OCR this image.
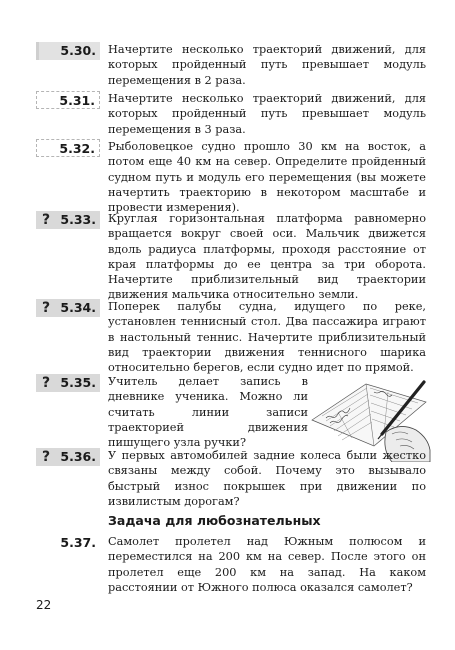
5.30. Начертите несколько траекторий движений, для которых пройденный путь превышает модуль перемещения в 2 раза.
5.31. Начертите несколько траекторий движений, для которых пройденный путь превышает модуль перемещения в 3 раза.
5.32. Рыболовецкое судно прошло 30 км на восток, а потом еще 40 км на север. Определите пройденный судном путь и модуль его перемещения (вы можете начертить траекторию в некотором масштабе и провести измерения).
? 5.33. Круглая горизонтальная платформа равномерно вращается вокруг своей оси. Мальчик движется вдоль радиуса платформы, проходя расстояние от края платформы до ее центра за три оборота. Начертите приблизительный вид траектории движения мальчика относительно земли.
? 5.34. Поперек палубы судна, идущего по реке, установлен теннисный стол. Два пассажира играют в настольный теннис. Начертите приблизительный вид траектории движения теннисного шарика относительно берегов, если судно идет по прямой.
? 5.35. Учитель делает запись в дневнике ученика. Можно ли считать линии записи траекторией движения пишущего узла ручки?
? 5.36. У первых автомобилей задние колеса были жестко связаны между собой. Почему это вызывало быстрый износ покрышек при движении по извилистым дорогам?
Задача для любознательных
5.37. Самолет пролетел над Южным полюсом и переместился на 200 км на север. После этого он пролетел еще 200 км на запад. На каком расстоянии от Южного полюса оказался самолет?
22
